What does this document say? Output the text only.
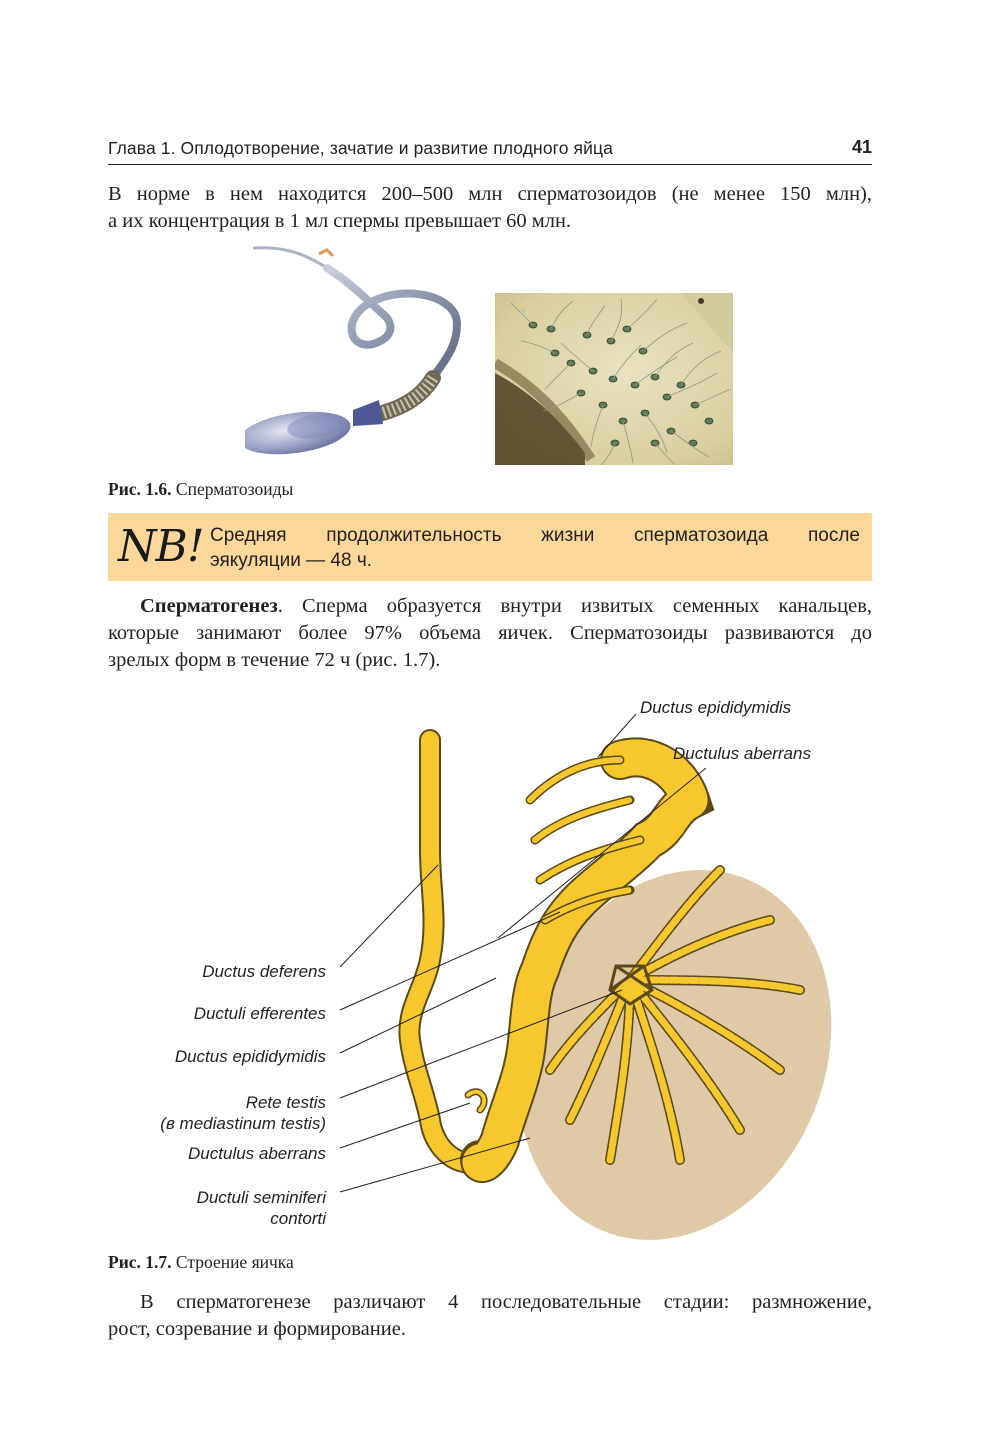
Глава 1. Оплодотворение, зачатие и развитие плодного яйца	41
В норме в нем находится 200–500 млн сперматозоидов (не менее 150 млн),
а их концентрация в 1 мл спермы превышает 60 млн.
Рис. 1.6. Сперматозоиды
NB! Средняя продолжительность жизни сперматозоида после
эякуляции — 48 ч.
Сперматогенез. Сперма образуется внутри извитых семенных канальцев,
которые занимают более 97% объема яичек. Сперматозоиды развиваются до
зрелых форм в течение 72 ч (рис. 1.7).
Ductus epididymidis
Ductulus aberrans
Ductus deferens
Ductuli efferentes
Ductus epididymidis
Rete testis
(в mediastinum testis)
Ductulus aberrans
Ductuli seminiferi
contorti
Рис. 1.7. Строение яичка
В сперматогенезе различают 4 последовательные стадии: размножение,
рост, созревание и формирование.
